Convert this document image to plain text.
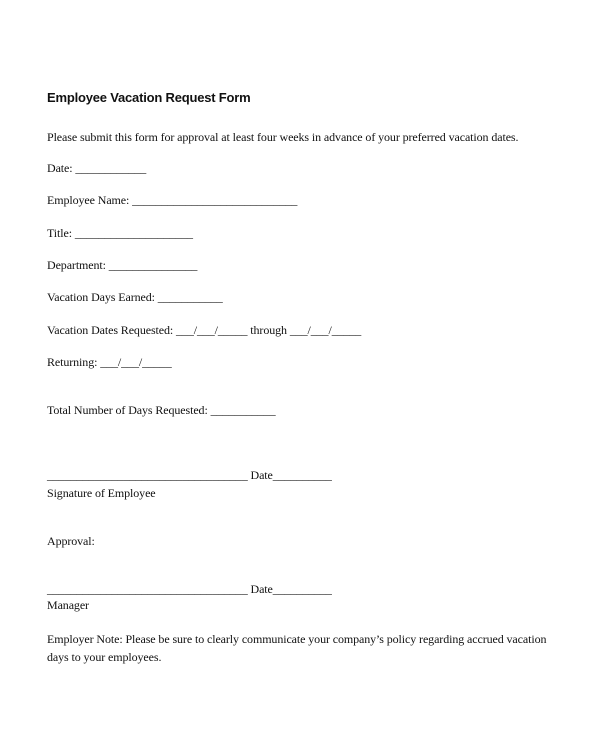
Employee Vacation Request Form
Please submit this form for approval at least four weeks in advance of your preferred vacation dates.
Date: ____________
Employee Name: ____________________________
Title: ____________________
Department: _______________
Vacation Days Earned: ___________
Vacation Dates Requested: ___/___/_____ through ___/___/_____
Returning: ___/___/_____
Total Number of Days Requested: ___________
__________________________________ Date__________
Signature of Employee
Approval:
__________________________________ Date__________
Manager
Employer Note: Please be sure to clearly communicate your company’s policy regarding accrued vacation days to your employees.
